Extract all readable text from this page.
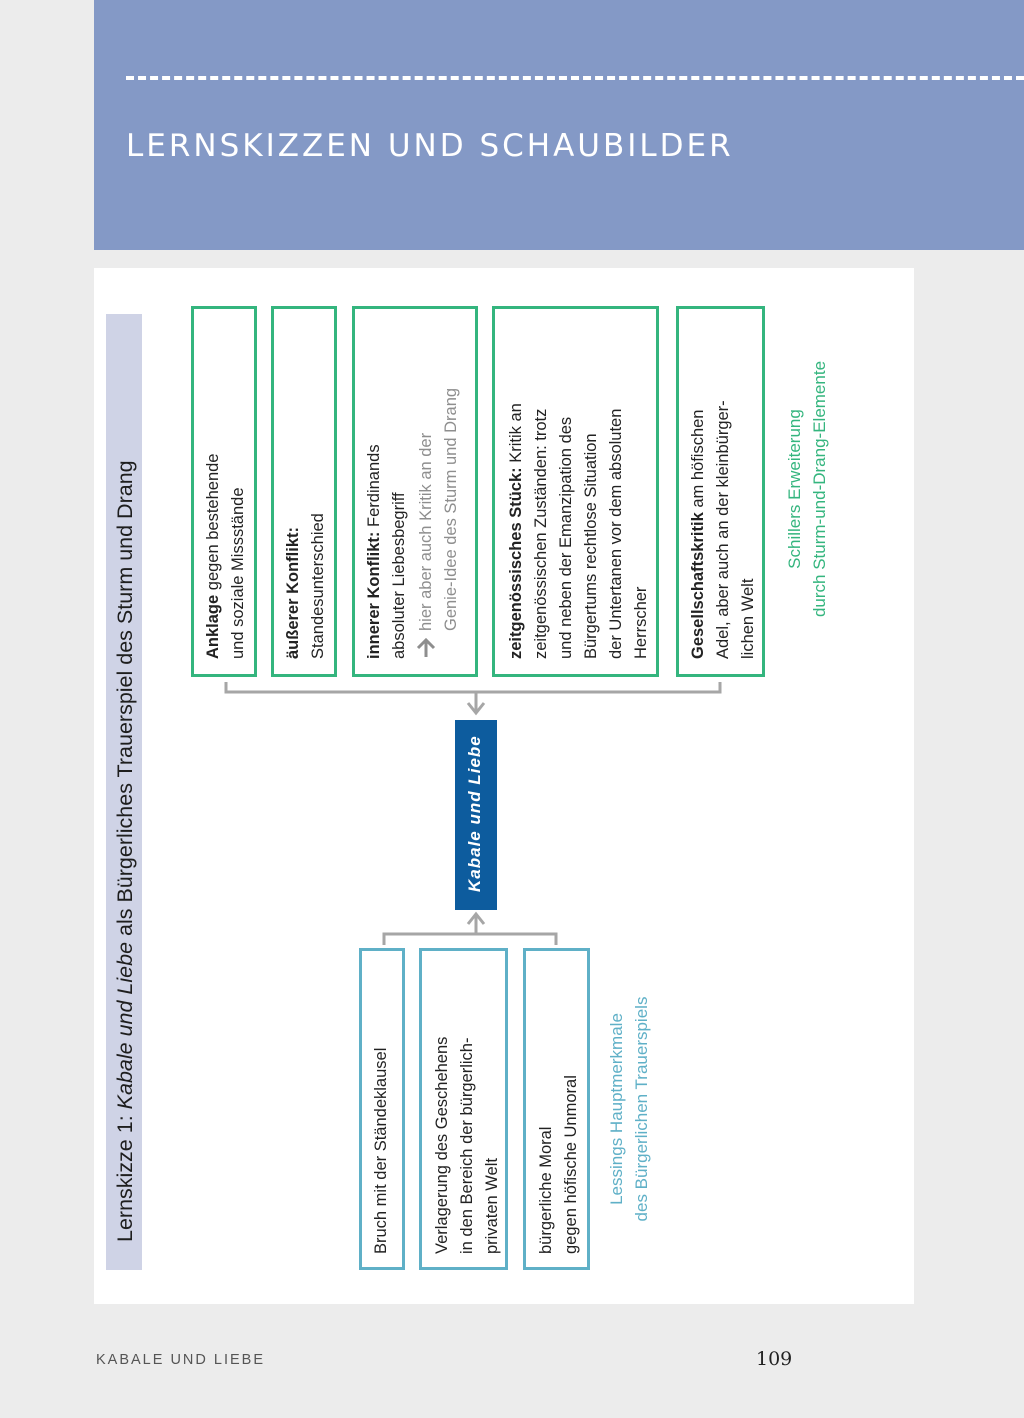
LERNSKIZZEN UND SCHAUBILDER
Lernskizze 1: Kabale und Liebe als Bürgerliches Trauerspiel des Sturm und Drang	Anklage gegen bestehende und soziale Missstände äußerer Konflikt: Standesunterschied innerer Konflikt: Ferdinands
absoluter Liebesbegriff hier aber auch Kritik an der Genie-Idee des Sturm und Drang	zeitgenössisches Stück: Kritik an zeitgenössischen Zuständen: trotz und neben der Emanzipation des Bürgertums rechtlose Situation der Untertanen vor dem absoluten Herrscher Gesellschaftskritik am höfischen Adel, aber auch an der kleinbürger- lichen Welt
Schillers Erweiterung durch Sturm-und-Drang-Elemente
Kabale und Liebe
Bruch mit der Ständeklausel	Verlagerung des Geschehens in den Bereich der bürgerlich- privaten Welt bürgerliche Moral gegen höfische Unmoral Lessings Hauptmerkmale des Bürgerlichen Trauerspiels
KABALE UND LIEBE	109
